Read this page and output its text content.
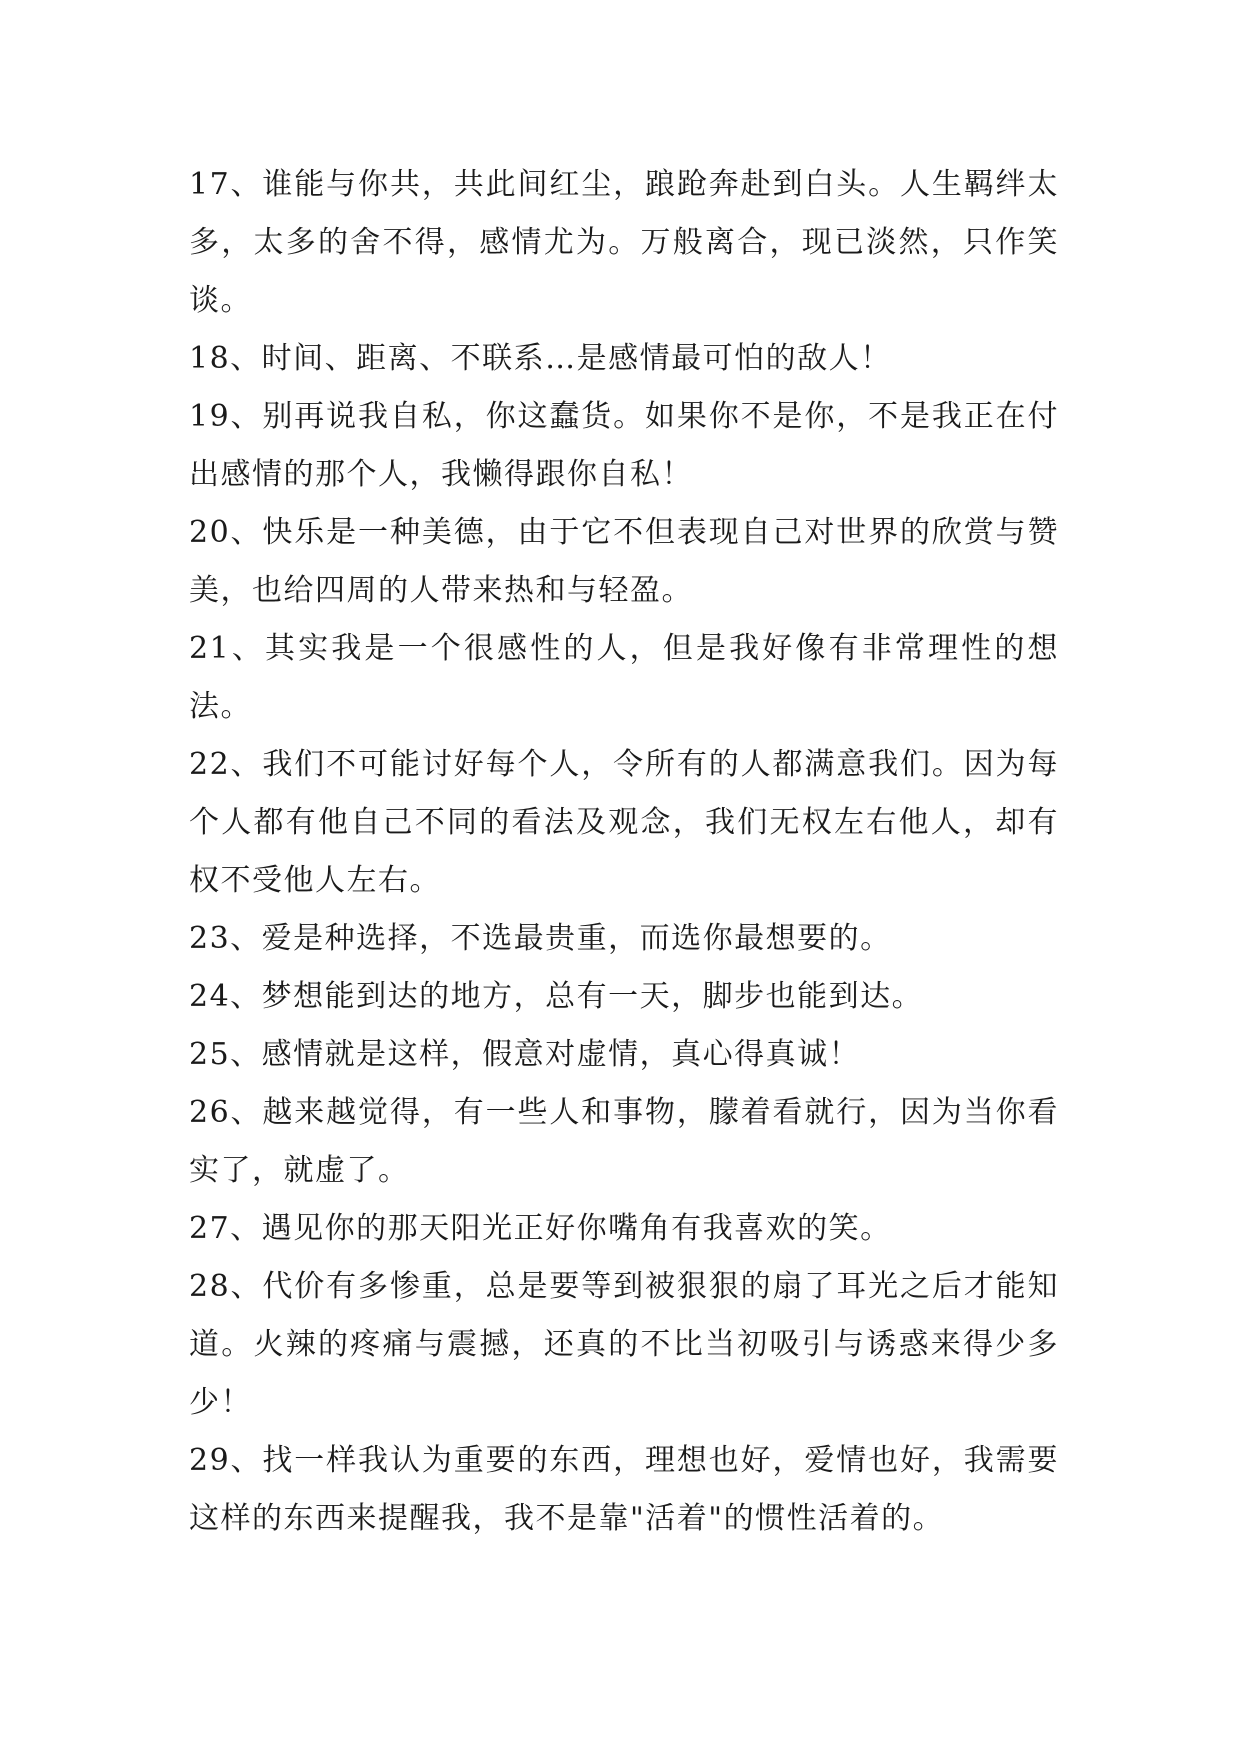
17、谁能与你共，共此间红尘，踉跄奔赴到白头。人生羁绊太多，太多的舍不得，感情尤为。万般离合，现已淡然，只作笑谈。

18、时间、距离、不联系…是感情最可怕的敌人！

19、别再说我自私，你这蠢货。如果你不是你，不是我正在付出感情的那个人，我懒得跟你自私！

20、快乐是一种美德，由于它不但表现自己对世界的欣赏与赞美，也给四周的人带来热和与轻盈。

21、其实我是一个很感性的人，但是我好像有非常理性的想法。

22、我们不可能讨好每个人，令所有的人都满意我们。因为每个人都有他自己不同的看法及观念，我们无权左右他人，却有权不受他人左右。

23、爱是种选择，不选最贵重，而选你最想要的。

24、梦想能到达的地方，总有一天，脚步也能到达。

25、感情就是这样，假意对虚情，真心得真诚！

26、越来越觉得，有一些人和事物，朦着看就行，因为当你看实了，就虚了。

27、遇见你的那天阳光正好你嘴角有我喜欢的笑。

28、代价有多惨重，总是要等到被狠狠的扇了耳光之后才能知道。火辣的疼痛与震撼，还真的不比当初吸引与诱惑来得少多少！

29、找一样我认为重要的东西，理想也好，爱情也好，我需要这样的东西来提醒我，我不是靠"活着"的惯性活着的。
